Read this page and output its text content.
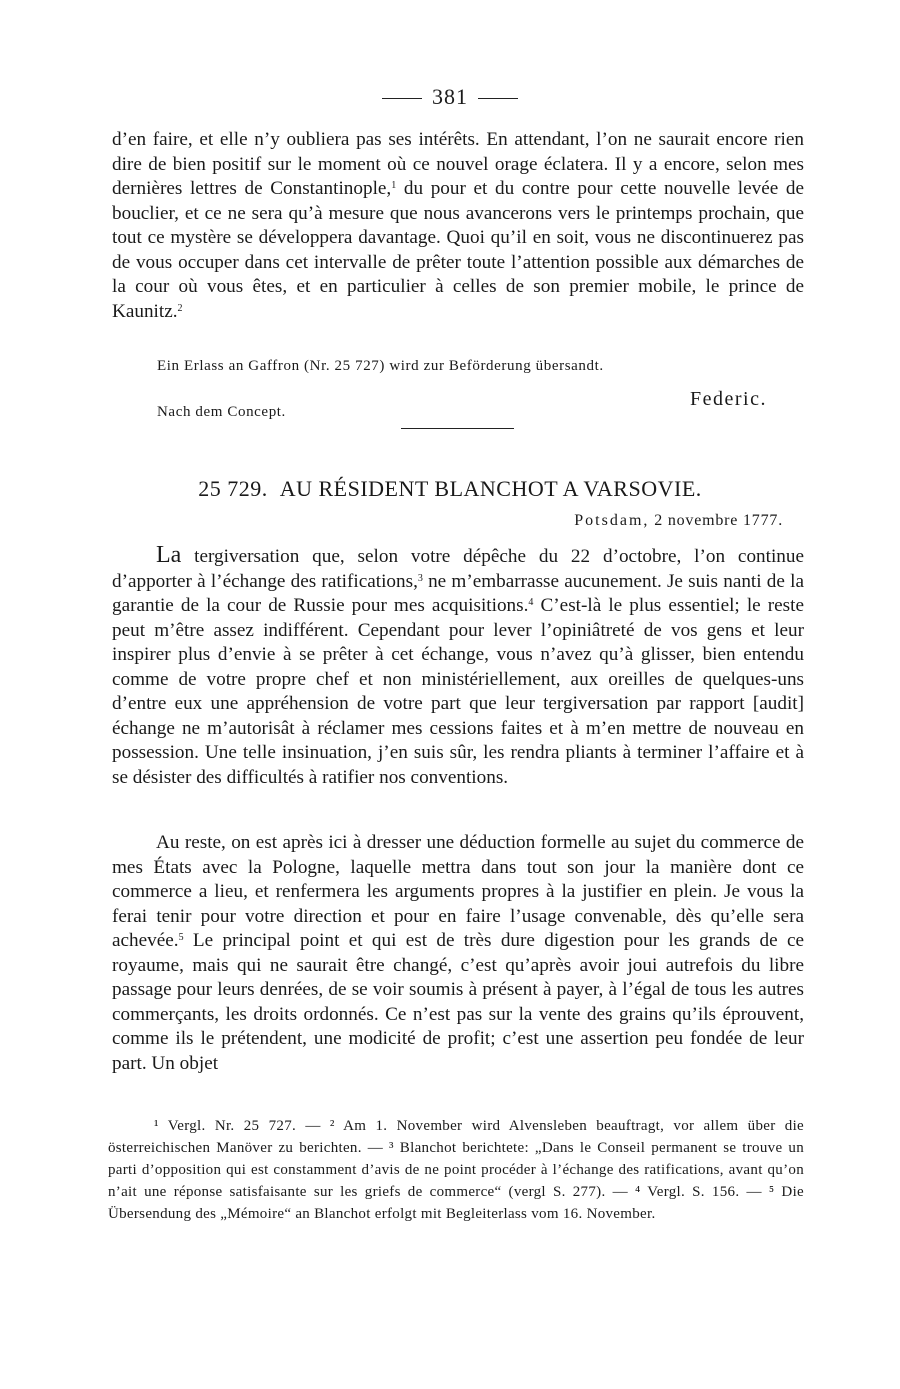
381

d’en faire, et elle n’y oubliera pas ses intérêts. En attendant, l’on ne saurait encore rien dire de bien positif sur le moment où ce nouvel orage éclatera. Il y a encore, selon mes dernières lettres de Constantinople,$^1$ du pour et du contre pour cette nouvelle levée de bouclier, et ce ne sera qu’à mesure que nous avancerons vers le printemps prochain, que tout ce mystère se développera davantage. Quoi qu’il en soit, vous ne discontinuerez pas de vous occuper dans cet intervalle de prêter toute l’attention possible aux démarches de la cour où vous êtes, et en particulier à celles de son premier mobile, le prince de Kaunitz.$^2$

Ein Erlass an Gaffron (Nr. 25 727) wird zur Beförderung übersandt.
Federic.
Nach dem Concept.
25 729. AU RÉSIDENT BLANCHOT A VARSOVIE.
Potsdam, 2 novembre 1777.

La tergiversation que, selon votre dépêche du 22 d’octobre, l’on continue d’apporter à l’échange des ratifications,$^3$ ne m’embarrasse aucunement. Je suis nanti de la garantie de la cour de Russie pour mes acquisitions.$^4$ C’est-là le plus essentiel; le reste peut m’être assez indifférent. Cependant pour lever l’opiniâtreté de vos gens et leur inspirer plus d’envie à se prêter à cet échange, vous n’avez qu’à glisser, bien entendu comme de votre propre chef et non ministériellement, aux oreilles de quelques-uns d’entre eux une appréhension de votre part que leur tergiversation par rapport [audit] échange ne m’autorisât à réclamer mes cessions faites et à m’en mettre de nouveau en possession. Une telle insinuation, j’en suis sûr, les rendra pliants à terminer l’affaire et à se désister des difficultés à ratifier nos conventions.

Au reste, on est après ici à dresser une déduction formelle au sujet du commerce de mes États avec la Pologne, laquelle mettra dans tout son jour la manière dont ce commerce a lieu, et renfermera les arguments propres à la justifier en plein. Je vous la ferai tenir pour votre direction et pour en faire l’usage convenable, dès qu’elle sera achevée.$^5$ Le principal point et qui est de très dure digestion pour les grands de ce royaume, mais qui ne saurait être changé, c’est qu’après avoir joui autrefois du libre passage pour leurs denrées, de se voir soumis à présent à payer, à l’égal de tous les autres commerçants, les droits ordonnés. Ce n’est pas sur la vente des grains qu’ils éprouvent, comme ils le prétendent, une modicité de profit; c’est une assertion peu fondée de leur part. Un objet

¹ Vergl. Nr. 25 727. — ² Am 1. November wird Alvensleben beauftragt, vor allem über die österreichischen Manöver zu berichten. — ³ Blanchot berichtete: „Dans le Conseil permanent se trouve un parti d’opposition qui est constamment d’avis de ne point procéder à l’échange des ratifications, avant qu’on n’ait une réponse satisfaisante sur les griefs de commerce“ (vergl S. 277). — ⁴ Vergl. S. 156. — ⁵ Die Übersendung des „Mémoire“ an Blanchot erfolgt mit Begleiterlass vom 16. November.
